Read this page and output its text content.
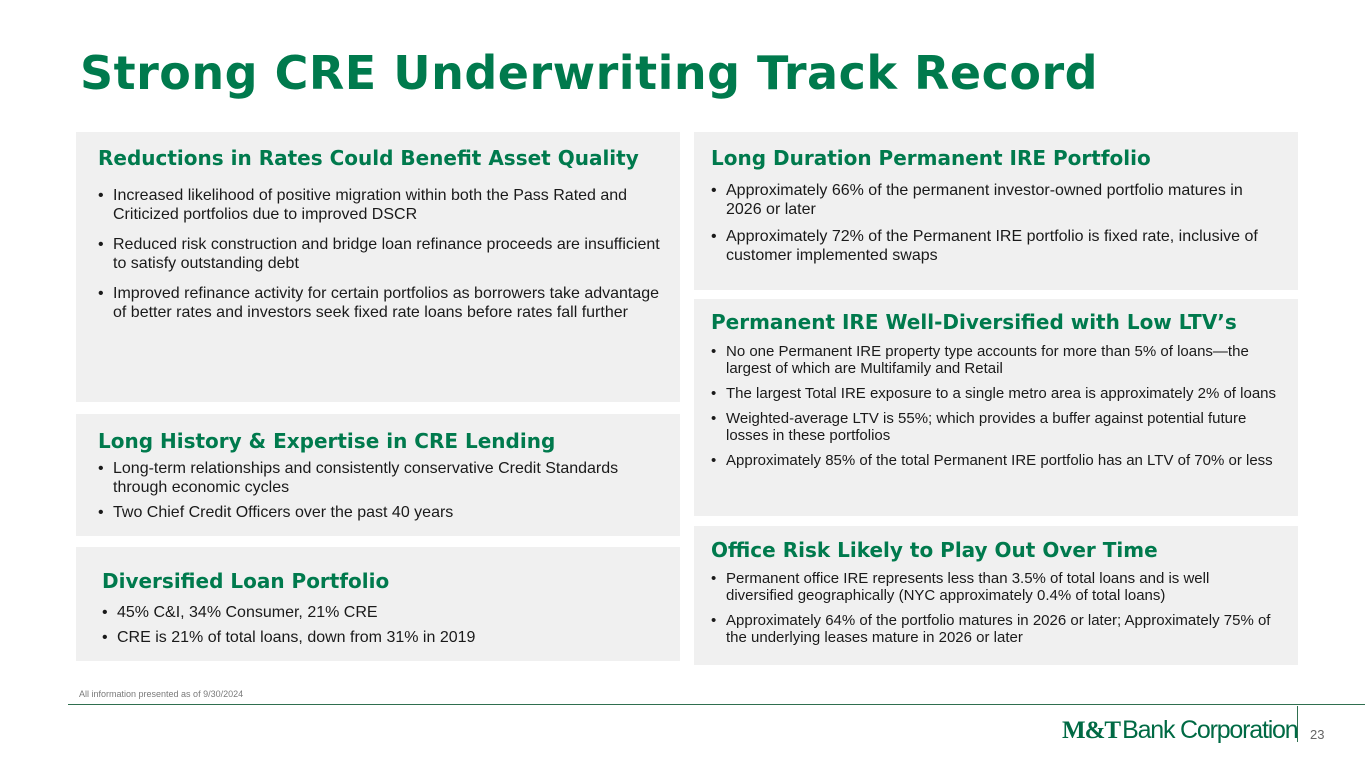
Strong CRE Underwriting Track Record
Reductions in Rates Could Benefit Asset Quality
• Increased likelihood of positive migration within both the Pass Rated and Criticized portfolios due to improved DSCR
• Reduced risk construction and bridge loan refinance proceeds are insufficient to satisfy outstanding debt
• Improved refinance activity for certain portfolios as borrowers take advantage of better rates and investors seek fixed rate loans before rates fall further
Long History & Expertise in CRE Lending
• Long-term relationships and consistently conservative Credit Standards through economic cycles
• Two Chief Credit Officers over the past 40 years
Diversified Loan Portfolio
• 45% C&I, 34% Consumer, 21% CRE
• CRE is 21% of total loans, down from 31% in 2019
Long Duration Permanent IRE Portfolio
• Approximately 66% of the permanent investor-owned portfolio matures in 2026 or later
• Approximately 72% of the Permanent IRE portfolio is fixed rate, inclusive of customer implemented swaps
Permanent IRE Well-Diversified with Low LTV’s
• No one Permanent IRE property type accounts for more than 5% of loans—the largest of which are Multifamily and Retail
• The largest Total IRE exposure to a single metro area is approximately 2% of loans
• Weighted-average LTV is 55%; which provides a buffer against potential future losses in these portfolios
• Approximately 85% of the total Permanent IRE portfolio has an LTV of 70% or less
Office Risk Likely to Play Out Over Time
• Permanent office IRE represents less than 3.5% of total loans and is well diversified geographically (NYC approximately 0.4% of total loans)
• Approximately 64% of the portfolio matures in 2026 or later; Approximately 75% of the underlying leases mature in 2026 or later
All information presented as of 9/30/2024
M&T Bank Corporation 23
